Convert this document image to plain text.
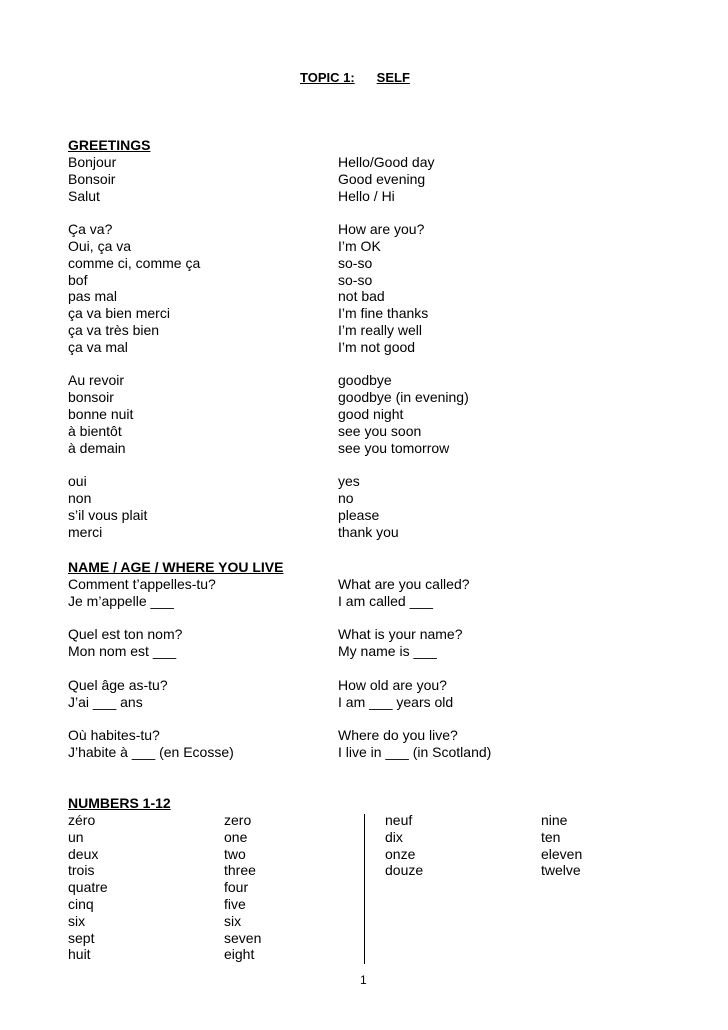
TOPIC 1: SELF
GREETINGS
Bonjour	Hello/Good day
Bonsoir	Good evening
Salut	Hello / Hi
Ça va?	How are you?
Oui, ça va	I’m OK
comme ci, comme ça	so-so
bof	so-so
pas mal	not bad
ça va bien merci	I’m fine thanks
ça va très bien	I’m really well
ça va mal	I’m not good
Au revoir	goodbye
bonsoir	goodbye (in evening)
bonne nuit	good night
à bientôt	see you soon
à demain	see you tomorrow
oui	yes
non	no
s’il vous plait	please
merci	thank you
NAME / AGE / WHERE YOU LIVE
Comment t’appelles-tu?	What are you called?
Je m’appelle ___	I am called ___
Quel est ton nom?	What is your name?
Mon nom est ___	My name is ___
Quel âge as-tu?	How old are you?
J’ai ___ ans	I am ___ years old
Où habites-tu?	Where do you live?
J’habite à ___ (en Ecosse)	I live in ___ (in Scotland)
NUMBERS 1-12
zéro	zero
un	one
deux	two
trois	three
quatre	four
cinq	five
six	six
sept	seven
huit	eight
neuf	nine
dix	ten
onze	eleven
douze	twelve
1
